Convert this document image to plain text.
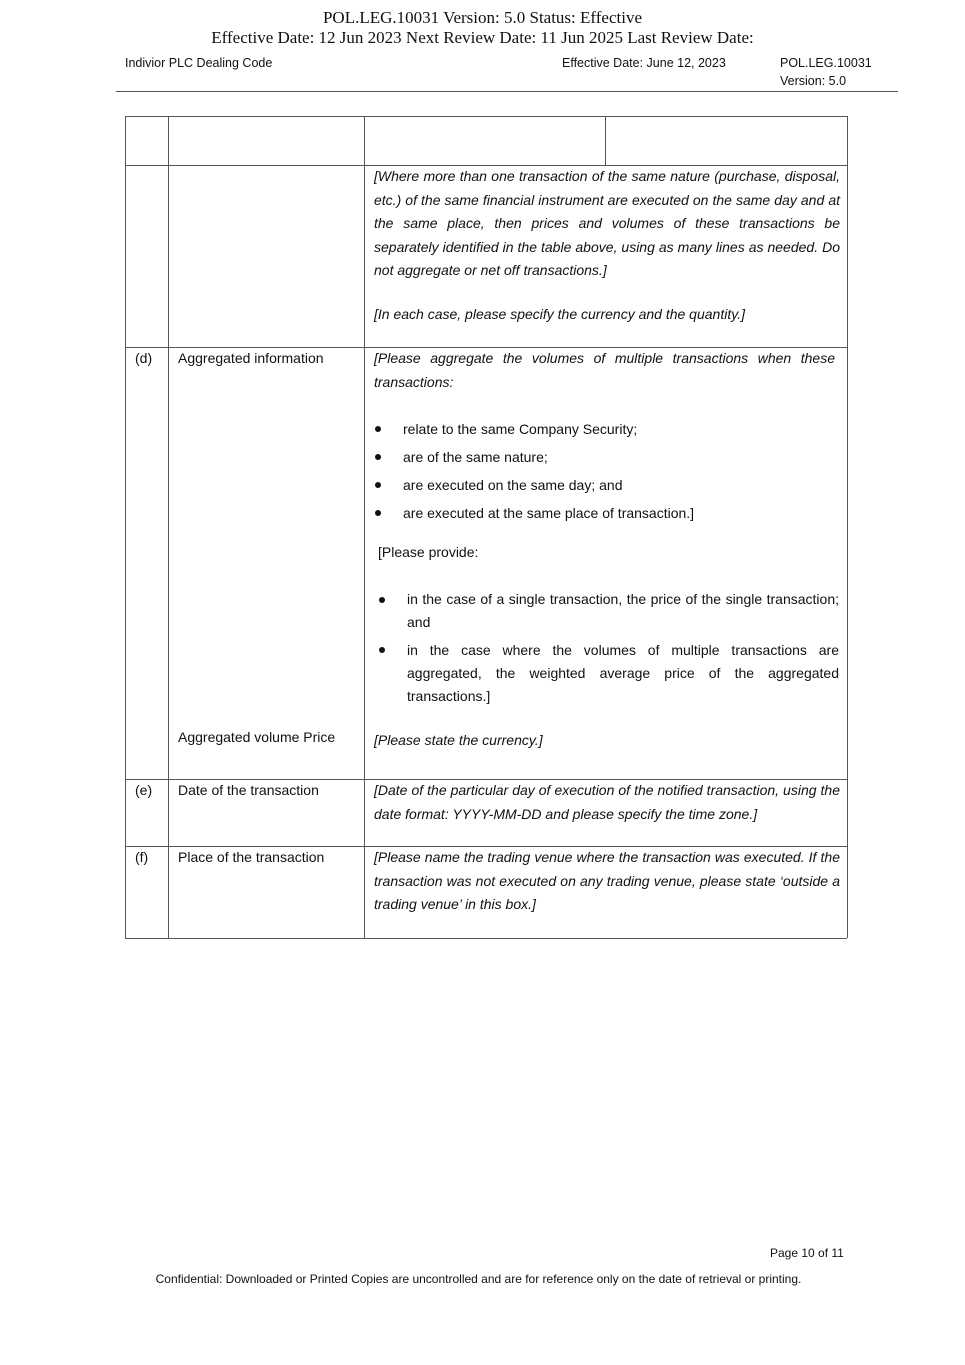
POL.LEG.10031 Version: 5.0 Status: Effective
Effective Date: 12 Jun 2023 Next Review Date: 11 Jun 2025 Last Review Date:
Indivior PLC Dealing Code	Effective Date: June 12, 2023	POL.LEG.10031
Version: 5.0
[Where more than one transaction of the same nature (purchase, disposal, etc.) of the same financial instrument are executed on the same day and at the same place, then prices and volumes of these transactions be separately identified in the table above, using as many lines as needed. Do not aggregate or net off transactions.]
[In each case, please specify the currency and the quantity.]
(d) Aggregated information	[Please aggregate the volumes of multiple transactions when these transactions:
relate to the same Company Security;
are of the same nature;
are executed on the same day; and
are executed at the same place of transaction.]
[Please provide:
in the case of a single transaction, the price of the single transaction; and
in the case where the volumes of multiple transactions are aggregated, the weighted average price of the aggregated transactions.]
Aggregated volume Price	[Please state the currency.]
(e) Date of the transaction	[Date of the particular day of execution of the notified transaction, using the date format: YYYY-MM-DD and please specify the time zone.]
(f) Place of the transaction	[Please name the trading venue where the transaction was executed. If the transaction was not executed on any trading venue, please state ‘outside a trading venue’ in this box.]
Page 10 of 11
Confidential: Downloaded or Printed Copies are uncontrolled and are for reference only on the date of retrieval or printing.
